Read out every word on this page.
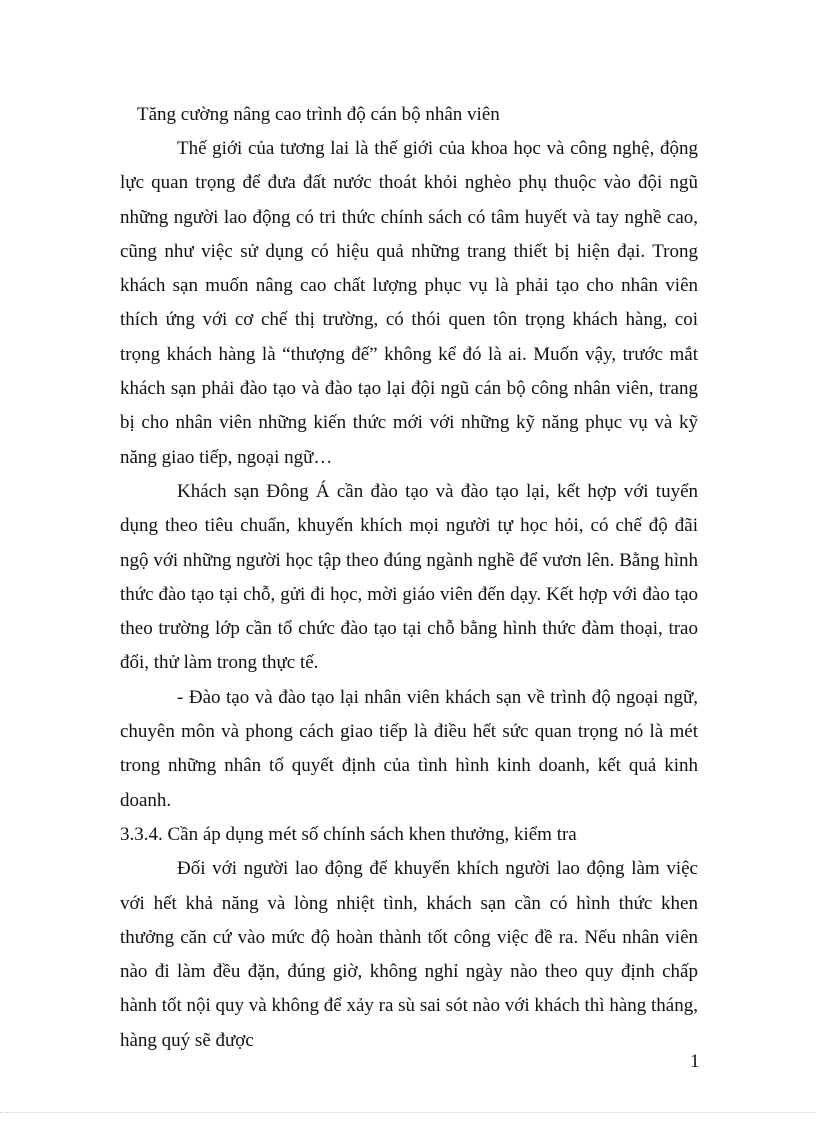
Tăng cường nâng cao trình độ cán bộ nhân viên

Thế giới của tương lai là thế giới của khoa học và công nghệ, động lực quan trọng để đưa đất nước thoát khỏi nghèo phụ thuộc vào đội ngũ những người lao động có tri thức chính sách có tâm huyết và tay nghề cao, cũng như việc sử dụng có hiệu quả những trang thiết bị hiện đại. Trong khách sạn muốn nâng cao chất lượng phục vụ là phải tạo cho nhân viên thích ứng với cơ chế thị trường, có thói quen tôn trọng khách hàng, coi trọng khách hàng là “thượng đế” không kể đó là ai. Muốn vậy, trước mắt khách sạn phải đào tạo và đào tạo lại đội ngũ cán bộ công nhân viên, trang bị cho nhân viên những kiến thức mới với những kỹ năng phục vụ và kỹ năng giao tiếp, ngoại ngữ…

Khách sạn Đông Á cần đào tạo và đào tạo lại, kết hợp với tuyển dụng theo tiêu chuẩn, khuyến khích mọi người tự học hỏi, có chế độ đãi ngộ với những người học tập theo đúng ngành nghề để vươn lên. Bằng hình thức đào tạo tại chỗ, gửi đi học, mời giáo viên đến dạy. Kết hợp với đào tạo theo trường lớp cần tổ chức đào tạo tại chỗ bằng hình thức đàm thoại, trao đổi, thử làm trong thực tế.

- Đào tạo và đào tạo lại nhân viên khách sạn về trình độ ngoại ngữ, chuyên môn và phong cách giao tiếp là điều hết sức quan trọng nó là mét trong những nhân tố quyết định của tình hình kinh doanh, kết quả kinh doanh.

3.3.4. Cần áp dụng mét số chính sách khen thưởng, kiểm tra

Đối với người lao động để khuyến khích người lao động làm việc với hết khả năng và lòng nhiệt tình, khách sạn cần có hình thức khen thưởng căn cứ vào mức độ hoàn thành tốt công việc đề ra. Nếu nhân viên nào đi làm đều đặn, đúng giờ, không nghỉ ngày nào theo quy định chấp hành tốt nội quy và không để xảy ra sù sai sót nào với khách thì hàng tháng, hàng quý sẽ được

1
